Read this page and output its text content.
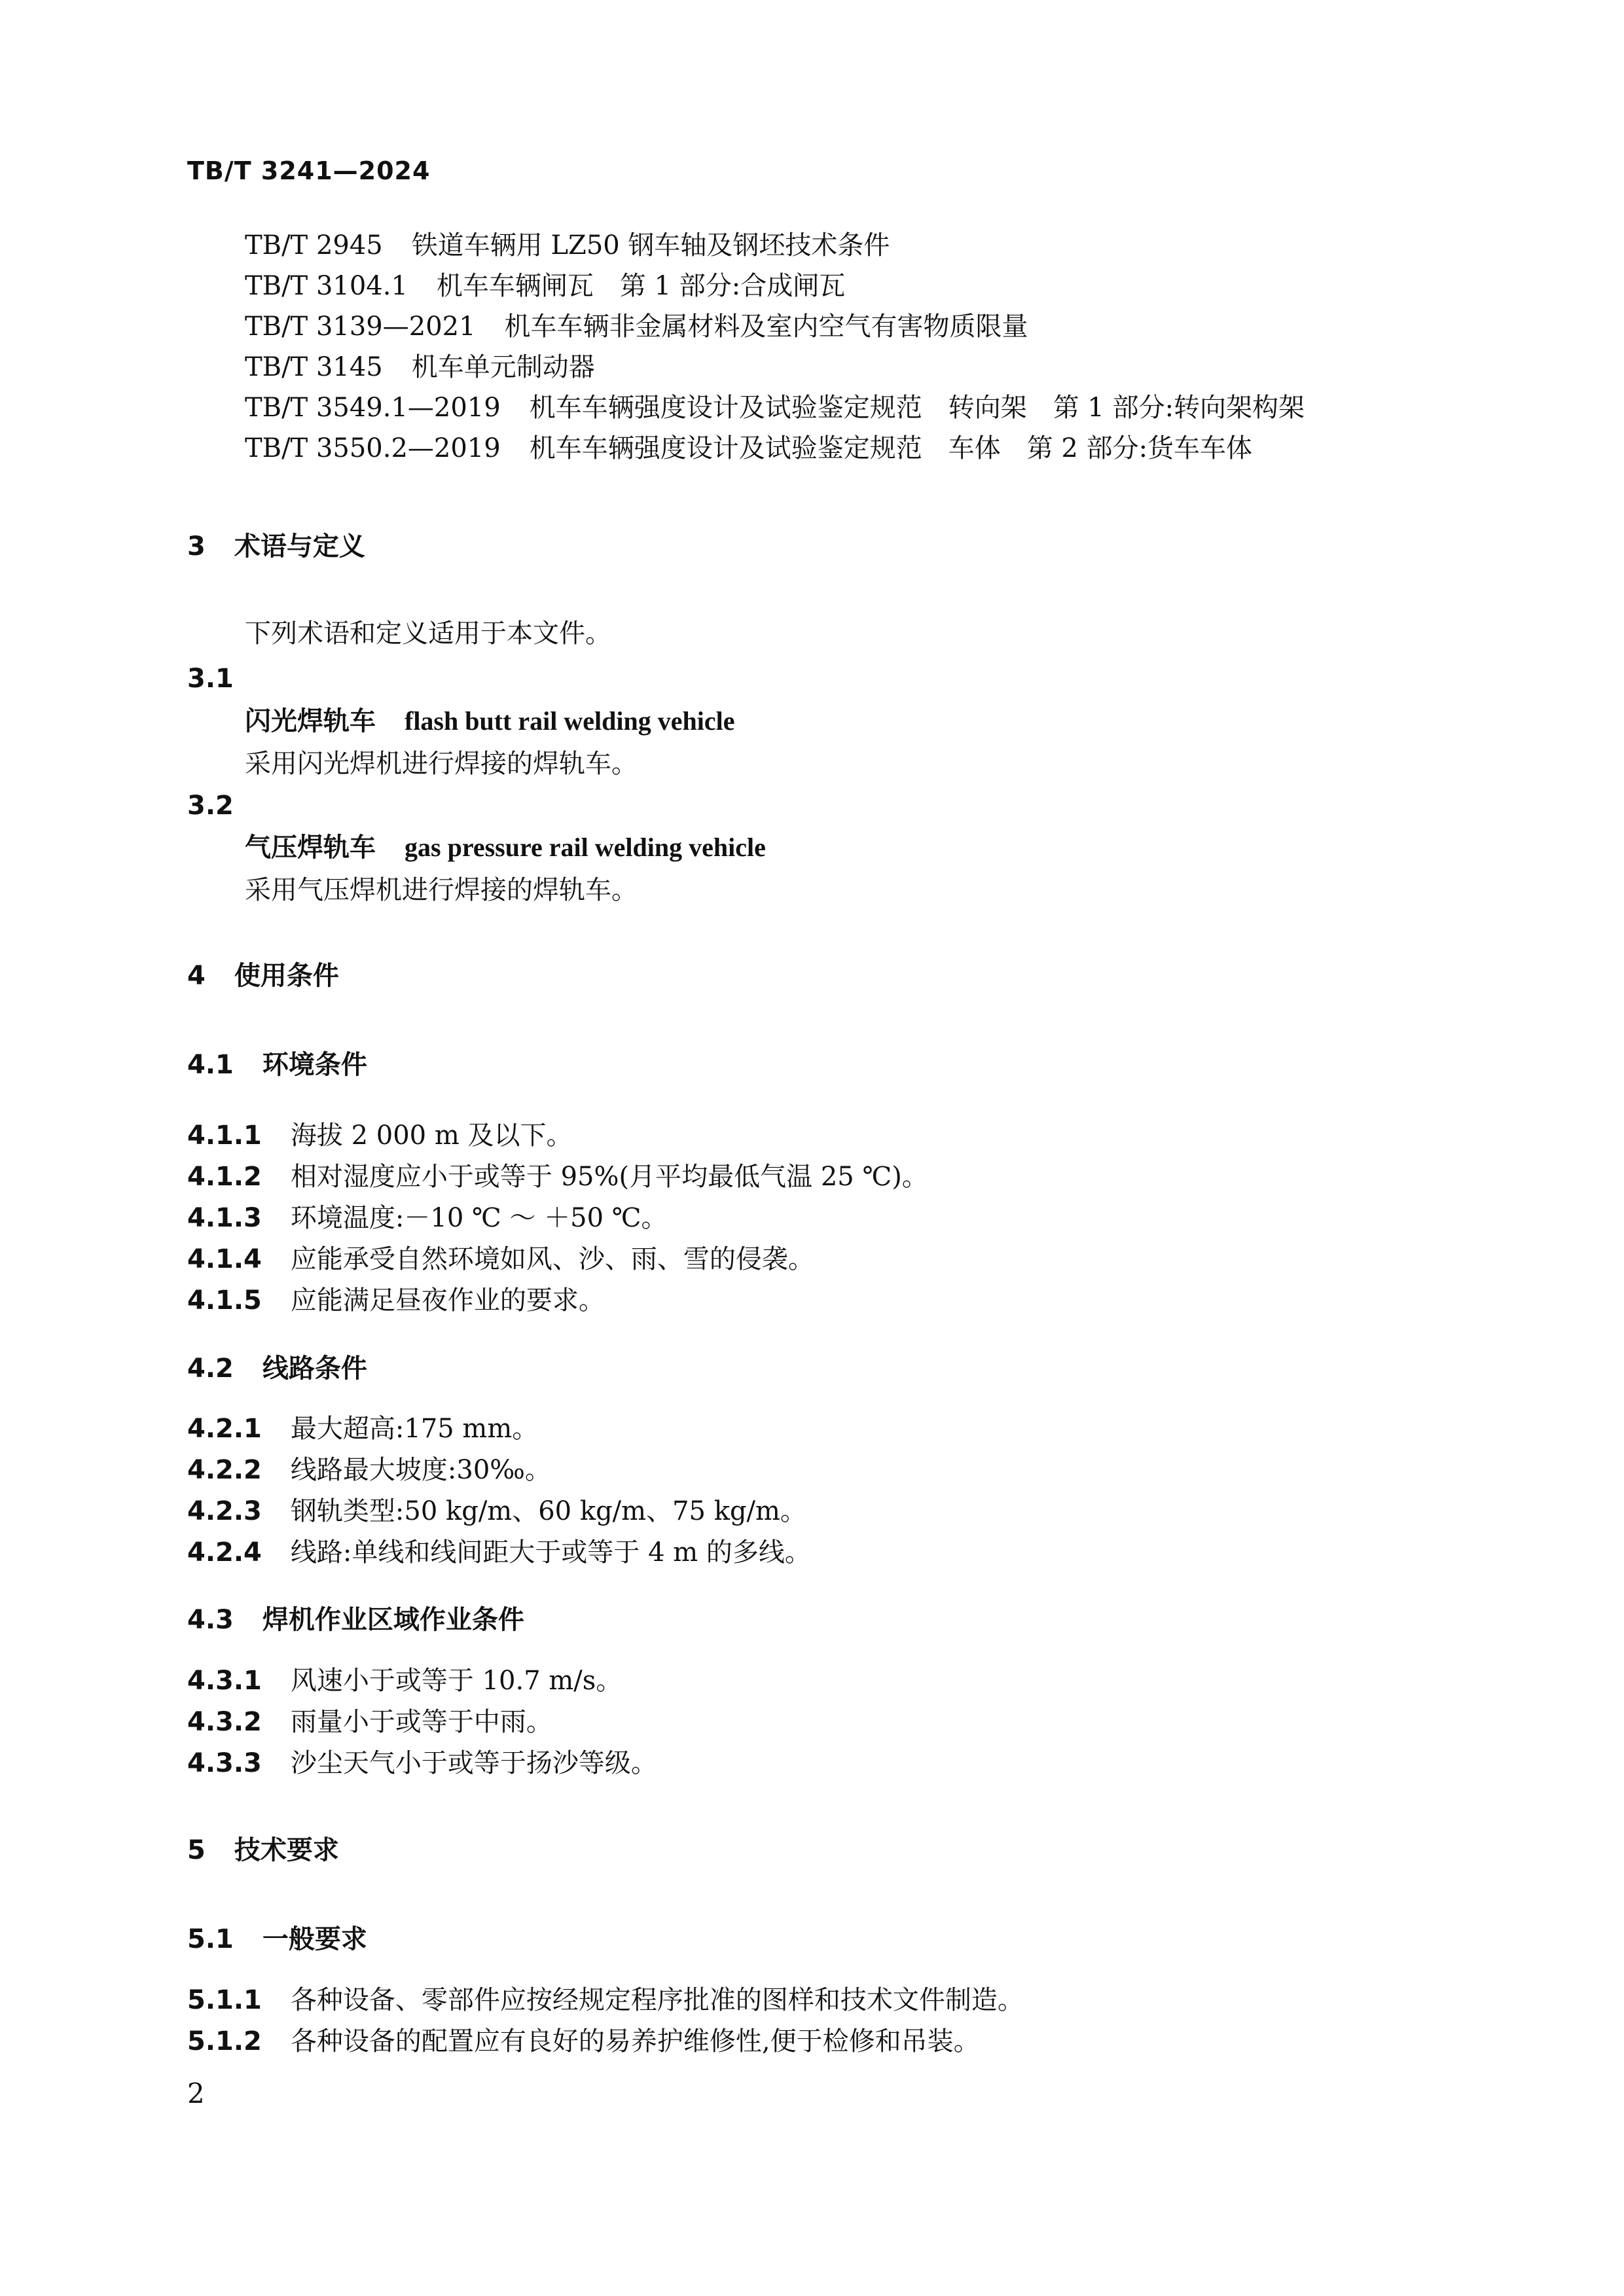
TB/T 3241—2024
TB/T 2945 铁道车辆用 LZ50 钢车轴及钢坯技术条件
TB/T 3104.1 机车车辆闸瓦　第 1 部分:合成闸瓦
TB/T 3139—2021 机车车辆非金属材料及室内空气有害物质限量
TB/T 3145 机车单元制动器
TB/T 3549.1—2019 机车车辆强度设计及试验鉴定规范　转向架　第 1 部分:转向架构架
TB/T 3550.2—2019 机车车辆强度设计及试验鉴定规范　车体　第 2 部分:货车车体
3 术语与定义
下列术语和定义适用于本文件。
3.1
闪光焊轨车 flash butt rail welding vehicle
采用闪光焊机进行焊接的焊轨车。
3.2
气压焊轨车 gas pressure rail welding vehicle
采用气压焊机进行焊接的焊轨车。
4 使用条件
4.1 环境条件
4.1.1 海拔 2 000 m 及以下。
4.1.2 相对湿度应小于或等于 95%(月平均最低气温 25 ℃)。
4.1.3 环境温度:－10 ℃ ～ ＋50 ℃。
4.1.4 应能承受自然环境如风、沙、雨、雪的侵袭。
4.1.5 应能满足昼夜作业的要求。
4.2 线路条件
4.2.1 最大超高:175 mm。
4.2.2 线路最大坡度:30‰。
4.2.3 钢轨类型:50 kg/m、60 kg/m、75 kg/m。
4.2.4 线路:单线和线间距大于或等于 4 m 的多线。
4.3 焊机作业区域作业条件
4.3.1 风速小于或等于 10.7 m/s。
4.3.2 雨量小于或等于中雨。
4.3.3 沙尘天气小于或等于扬沙等级。
5 技术要求
5.1 一般要求
5.1.1 各种设备、零部件应按经规定程序批准的图样和技术文件制造。
5.1.2 各种设备的配置应有良好的易养护维修性,便于检修和吊装。
2
